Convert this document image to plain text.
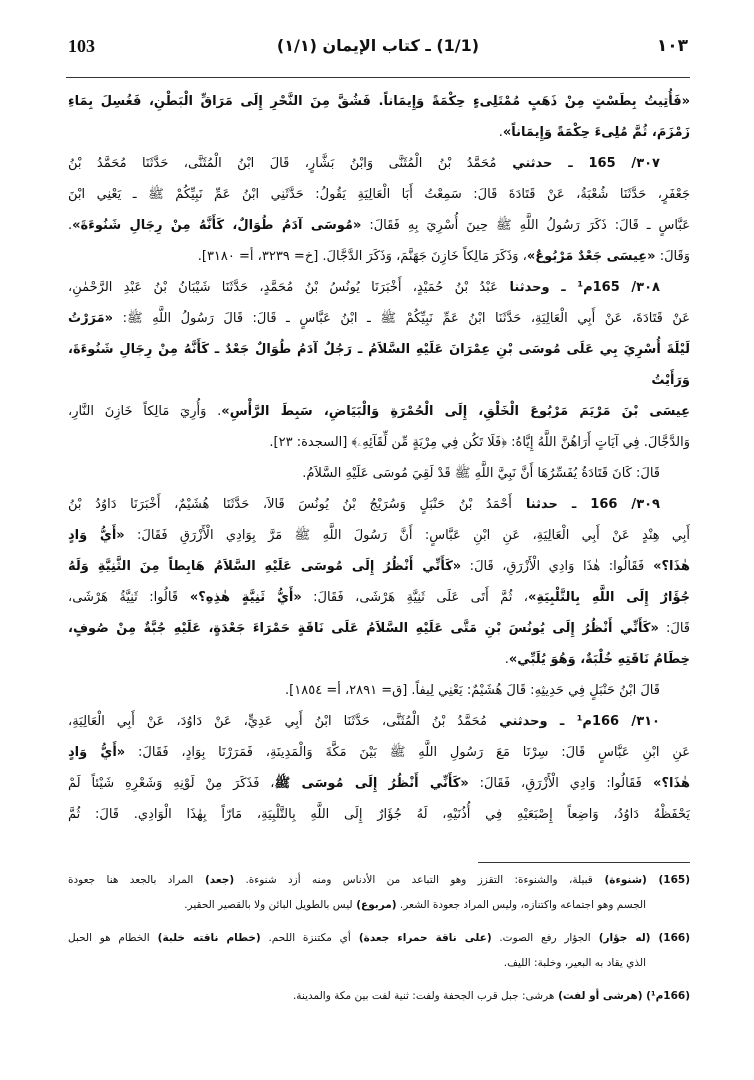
١٠٣
(1/1) ـ كتاب الإيمان (١/١)
103
«فَأُتِيتُ بِطَسْتٍ مِنْ ذَهَبٍ مُمْتَلِىءٍ حِكْمَةً وَإِيمَاناً. فَشُقَّ مِنَ النَّحْرِ إِلَى مَرَاقِّ الْبَطْنِ، فَغُسِلَ بِمَاءِ
زَمْزَمَ، ثُمَّ مُلِىءَ حِكْمَةً وَإِيمَاناً».
٣٠٧/ 165 ـ حدثني مُحَمَّدُ بْنُ الْمُثَنَّى وَابْنُ بَشَّارٍ، قَالَ ابْنُ الْمُثَنَّى، حَدَّثَنَا مُحَمَّدُ بْنُ
جَعْفَرٍ، حَدَّثَنَا شُعْبَةُ، عَنْ قَتَادَةَ قَالَ: سَمِعْتُ أَبَا الْعَالِيَةِ يَقُولُ: حَدَّثَنِي ابْنُ عَمِّ نَبِيِّكُمْ ﷺ ـ يَعْنِي ابْنَ
عَبَّاسٍ ـ قَالَ: ذَكَرَ رَسُولُ اللَّهِ ﷺ حِينَ أُسْرِيَ بِهِ فَقَالَ: «مُوسَى آدَمُ طُوَالٌ، كَأَنَّهُ مِنْ رِجَالِ شَنُوءَةَ».
وَقَالَ: «عِيسَى جَعْدٌ مَرْبُوعٌ»، وَذَكَرَ مَالِكاً خَازِنَ جَهَنَّمَ، وَذَكَرَ الدَّجَّالَ. [خ= ٣٢٣٩، أ= ٣١٨٠].
٣٠٨/ 165م¹ ـ وحدثنا عَبْدُ بْنُ حُمَيْدٍ، أَخْبَرَنَا يُونُسُ بْنُ مُحَمَّدٍ، حَدَّثَنَا شَيْبَانُ بْنُ عَبْدِ الرَّحْمٰنِ،
عَنْ قَتَادَةَ، عَنْ أَبِي الْعَالِيَةِ، حَدَّثَنَا ابْنُ عَمِّ نَبِيِّكُمْ ﷺ ـ ابْنُ عَبَّاسٍ ـ قَالَ: قَالَ رَسُولُ اللَّهِ ﷺ: «مَرَرْتُ
لَيْلَةَ أُسْرِيَ بِي عَلَى مُوسَى بْنِ عِمْرَانَ عَلَيْهِ السَّلاَمُ ـ رَجُلٌ آدَمُ طُوَالٌ جَعْدٌ ـ كَأَنَّهُ مِنْ رِجَالِ شَنُوءَةَ، وَرَأَيْتُ
عِيسَى بْنَ مَرْيَمَ مَرْبُوعَ الْخَلْقِ، إِلَى الْحُمْرَةِ وَالْبَيَاضِ، سَبِطَ الرَّأْسِ». وَأُرِيَ مَالِكاً خَازِنَ النَّارِ،
وَالدَّجَّالَ. فِي آيَاتٍ أَرَاهُنَّ اللَّهُ إِيَّاهُ: ﴿فَلَا تَكُن فِي مِرْيَةٍ مِّن لِّقَآئِهِۦ﴾ [السجدة: ٢٣].
قَالَ: كَانَ قَتَادَةُ يُفَسِّرُهَا أَنَّ نَبِيَّ اللَّهِ ﷺ قَدْ لَقِيَ مُوسَى عَلَيْهِ السَّلاَمُ.
٣٠٩/ 166 ـ حدثنا أَحْمَدُ بْنُ حَنْبَلٍ وَسُرَيْجُ بْنُ يُونُسَ قَالاَ، حَدَّثَنَا هُشَيْمٌ، أَخْبَرَنَا دَاوُدُ بْنُ
أَبِي هِنْدٍ عَنْ أَبِي الْعَالِيَةِ، عَنِ ابْنِ عَبَّاسٍ: أَنَّ رَسُولَ اللَّهِ ﷺ مَرَّ بِوَادِي الْأَزْرَقِ فَقَالَ: «أَيُّ وَادٍ
هٰذَا؟» فَقَالُوا: هٰذَا وَادِي الْأَزْرَقِ، قَالَ: «كَأَنِّي أَنْظُرُ إِلَى مُوسَى عَلَيْهِ السَّلاَمُ هَابِطاً مِنَ الثَّنِيَّةِ وَلَهُ
جُؤَارٌ إِلَى اللَّهِ بِالتَّلْبِيَةِ»، ثُمَّ أَتَى عَلَى ثَنِيَّةِ هَرْشَى، فَقَالَ: «أَيُّ ثَنِيَّةٍ هٰذِهِ؟» قَالُوا: ثَنِيَّةُ هَرْشَى،
قَالَ: «كَأَنِّي أَنْظُرُ إِلَى يُونُسَ بْنِ مَتَّى عَلَيْهِ السَّلاَمُ عَلَى نَاقَةٍ حَمْرَاءَ جَعْدَةٍ، عَلَيْهِ جُبَّةٌ مِنْ صُوفٍ،
خِطَامُ نَاقَتِهِ خُلْبَةٌ، وَهُوَ يُلَبِّي».
قَالَ ابْنُ حَنْبَلٍ فِي حَدِيثِهِ: قَالَ هُشَيْمٌ: يَعْنِي لِيفاً. [ق= ٢٨٩١، أ= ١٨٥٤].
٣١٠/ 166م¹ ـ وحدثني مُحَمَّدُ بْنُ الْمُثَنَّى، حَدَّثَنَا ابْنُ أَبِي عَدِيٍّ، عَنْ دَاوُدَ، عَنْ أَبِي الْعَالِيَةِ،
عَنِ ابْنِ عَبَّاسٍ قَالَ: سِرْنَا مَعَ رَسُولِ اللَّهِ ﷺ بَيْنَ مَكَّةَ وَالْمَدِينَةِ، فَمَرَرْنَا بِوَادٍ، فَقَالَ: «أَيُّ وَادٍ
هٰذَا؟» فَقَالُوا: وَادِي الْأَزْرَقِ، فَقَالَ: «كَأَنِّي أَنْظُرُ إِلَى مُوسَى ﷺ، فَذَكَرَ مِنْ لَوْنِهِ وَشَعْرِهِ شَيْئاً لَمْ
يَحْفَظْهُ دَاوُدُ، وَاضِعاً إِصْبَعَيْهِ فِي أُذُنَيْهِ، لَهُ جُؤَارٌ إِلَى اللَّهِ بِالتَّلْبِيَةِ، مَارّاً بِهٰذَا الْوَادِي. قَالَ: ثُمَّ
(165) (شنوءة) قبيلة، والشنوءة: التقزز وهو التباعد من الأدناس ومنه أزد شنوءة. (جعد) المراد بالجعد هنا جعودة
الجسم وهو اجتماعه واكتنازه، وليس المراد جعودة الشعر. (مربوع) ليس بالطويل البائن ولا بالقصير الحقير.
(166) (له جؤار) الجؤار رفع الصوت. (على ناقة حمراء جعدة) أي مكتنزة اللحم. (خطام ناقته خلبة) الخطام هو الحبل
الذي يقاد به البعير، وخلبة: الليف.
(166م¹) (هرشى أو لفت) هرشى: جبل قرب الجحفة ولفت: ثنية لفت بين مكة والمدينة.
